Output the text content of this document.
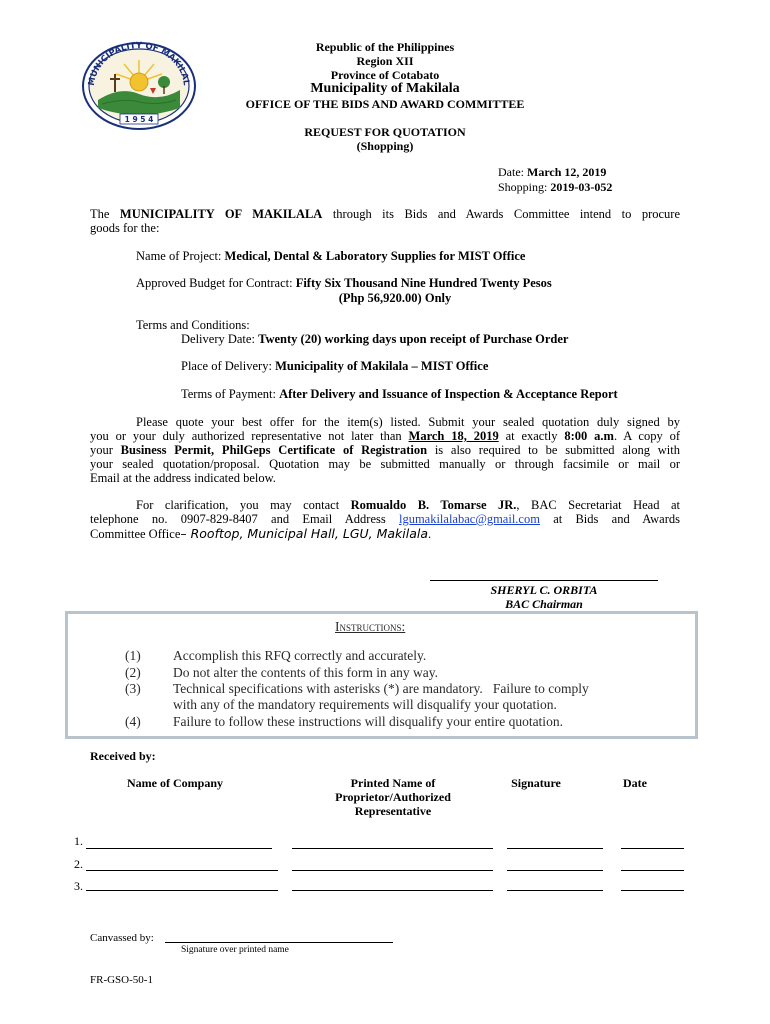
MUNICIPALITY OF MAKILAL
1 9 5 4
Republic of the Philippines
Region XII
Province of Cotabato
Municipality of Makilala
OFFICE OF THE BIDS AND AWARD COMMITTEE
REQUEST FOR QUOTATION
(Shopping)
Date: March 12, 2019
Shopping: 2019-03-052
The MUNICIPALITY OF MAKILALA through its Bids and Awards Committee intend to procure
goods for the:
Name of Project: Medical, Dental & Laboratory Supplies for MIST Office
Approved Budget for Contract: Fifty Six Thousand Nine Hundred Twenty Pesos
(Php 56,920.00) Only
Terms and Conditions:
Delivery Date: Twenty (20) working days upon receipt of Purchase Order
Place of Delivery: Municipality of Makilala – MIST Office
Terms of Payment: After Delivery and Issuance of Inspection & Acceptance Report
Please quote your best offer for the item(s) listed. Submit your sealed quotation duly signed by
you or your duly authorized representative not later than March 18, 2019 at exactly 8:00 a.m. A copy of
your Business Permit, PhilGeps Certificate of Registration is also required to be submitted along with
your sealed quotation/proposal. Quotation may be submitted manually or through facsimile or mail or
Email at the address indicated below.
For clarification, you may contact Romualdo B. Tomarse JR., BAC Secretariat Head at
telephone no. 0907-829-8407 and Email Address lgumakilalabac@gmail.com at Bids and Awards
Committee Office– Rooftop, Municipal Hall, LGU, Makilala.
SHERYL C. ORBITA
BAC Chairman
Instructions:
(1) Accomplish this RFQ correctly and accurately.
(2) Do not alter the contents of this form in any way.
(3) Technical specifications with asterisks (*) are mandatory.   Failure to comply
with any of the mandatory requirements will disqualify your quotation.
(4) Failure to follow these instructions will disqualify your entire quotation.
Received by:
Name of Company	Printed Name of
Proprietor/Authorized
Representative
Signature	Date
1.
2.
3.
Canvassed by:
Signature over printed name
FR-GSO-50-1
